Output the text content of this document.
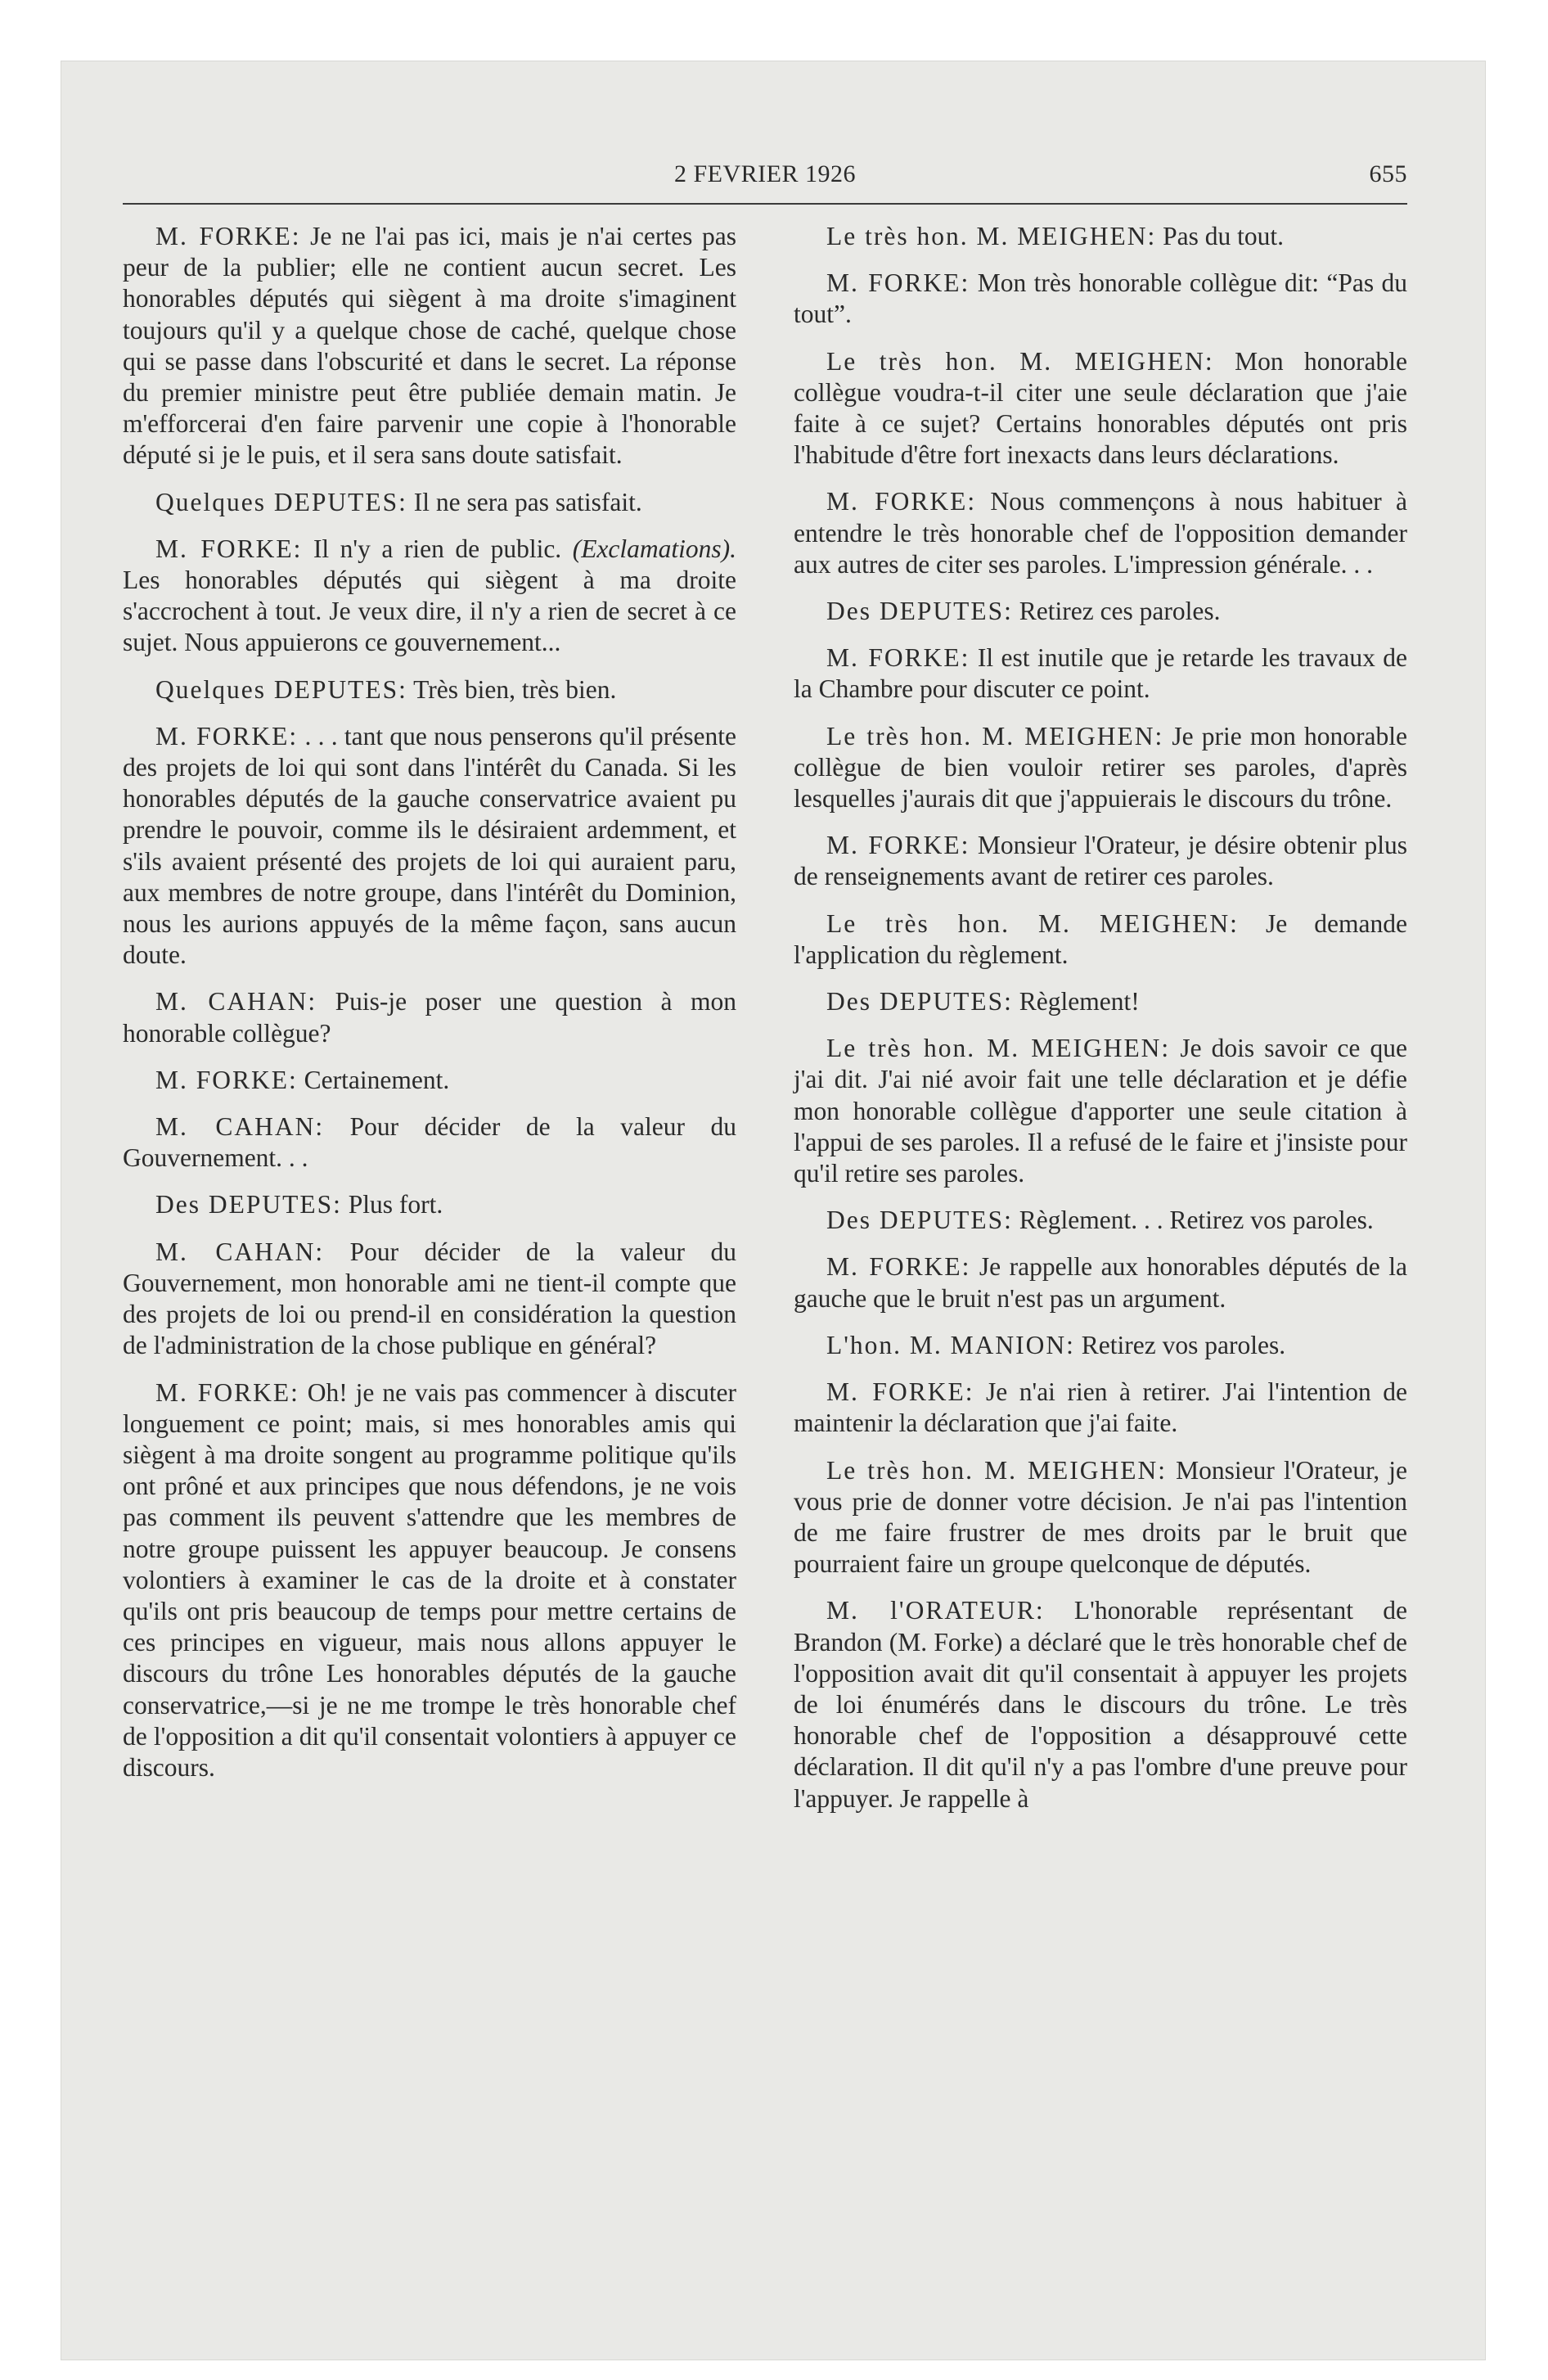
2 FEVRIER 1926	655

M. FORKE: Je ne l'ai pas ici, mais je n'ai certes pas peur de la publier; elle ne contient aucun secret. Les honorables députés qui siègent à ma droite s'imaginent toujours qu'il y a quelque chose de caché, quelque chose qui se passe dans l'obscurité et dans le secret. La réponse du premier ministre peut être publiée demain matin. Je m'efforcerai d'en faire parvenir une copie à l'honorable député si je le puis, et il sera sans doute satisfait.

Quelques DEPUTES: Il ne sera pas satisfait.

M. FORKE: Il n'y a rien de public. (Exclamations). Les honorables députés qui siègent à ma droite s'accrochent à tout. Je veux dire, il n'y a rien de secret à ce sujet. Nous appuierons ce gouvernement...

Quelques DEPUTES: Très bien, très bien.

M. FORKE: . . . tant que nous penserons qu'il présente des projets de loi qui sont dans l'intérêt du Canada. Si les honorables députés de la gauche conservatrice avaient pu prendre le pouvoir, comme ils le désiraient ardemment, et s'ils avaient présenté des projets de loi qui auraient paru, aux membres de notre groupe, dans l'intérêt du Dominion, nous les aurions appuyés de la même façon, sans aucun doute.

M. CAHAN: Puis-je poser une question à mon honorable collègue?

M. FORKE: Certainement.

M. CAHAN: Pour décider de la valeur du Gouvernement. . .

Des DEPUTES: Plus fort.

M. CAHAN: Pour décider de la valeur du Gouvernement, mon honorable ami ne tient-il compte que des projets de loi ou prend-il en considération la question de l'administration de la chose publique en général?

M. FORKE: Oh! je ne vais pas commencer à discuter longuement ce point; mais, si mes honorables amis qui siègent à ma droite songent au programme politique qu'ils ont prôné et aux principes que nous défendons, je ne vois pas comment ils peuvent s'attendre que les membres de notre groupe puissent les appuyer beaucoup. Je consens volontiers à examiner le cas de la droite et à constater qu'ils ont pris beaucoup de temps pour mettre certains de ces principes en vigueur, mais nous allons appuyer le discours du trône Les honorables députés de la gauche conservatrice,—si je ne me trompe le très honorable chef de l'opposition a dit qu'il consentait volontiers à appuyer ce discours.

Le très hon. M. MEIGHEN: Pas du tout.

M. FORKE: Mon très honorable collègue dit: “Pas du tout”.

Le très hon. M. MEIGHEN: Mon honorable collègue voudra-t-il citer une seule déclaration que j'aie faite à ce sujet? Certains honorables députés ont pris l'habitude d'être fort inexacts dans leurs déclarations.

M. FORKE: Nous commençons à nous habituer à entendre le très honorable chef de l'opposition demander aux autres de citer ses paroles. L'impression générale. . .

Des DEPUTES: Retirez ces paroles.

M. FORKE: Il est inutile que je retarde les travaux de la Chambre pour discuter ce point.

Le très hon. M. MEIGHEN: Je prie mon honorable collègue de bien vouloir retirer ses paroles, d'après lesquelles j'aurais dit que j'appuierais le discours du trône.

M. FORKE: Monsieur l'Orateur, je désire obtenir plus de renseignements avant de retirer ces paroles.

Le très hon. M. MEIGHEN: Je demande l'application du règlement.

Des DEPUTES: Règlement!

Le très hon. M. MEIGHEN: Je dois savoir ce que j'ai dit. J'ai nié avoir fait une telle déclaration et je défie mon honorable collègue d'apporter une seule citation à l'appui de ses paroles. Il a refusé de le faire et j'insiste pour qu'il retire ses paroles.

Des DEPUTES: Règlement. . . Retirez vos paroles.

M. FORKE: Je rappelle aux honorables députés de la gauche que le bruit n'est pas un argument.

L'hon. M. MANION: Retirez vos paroles.

M. FORKE: Je n'ai rien à retirer. J'ai l'intention de maintenir la déclaration que j'ai faite.

Le très hon. M. MEIGHEN: Monsieur l'Orateur, je vous prie de donner votre décision. Je n'ai pas l'intention de me faire frustrer de mes droits par le bruit que pourraient faire un groupe quelconque de députés.

M. l'ORATEUR: L'honorable représentant de Brandon (M. Forke) a déclaré que le très honorable chef de l'opposition avait dit qu'il consentait à appuyer les projets de loi énumérés dans le discours du trône. Le très honorable chef de l'opposition a désapprouvé cette déclaration. Il dit qu'il n'y a pas l'ombre d'une preuve pour l'appuyer. Je rappelle à
